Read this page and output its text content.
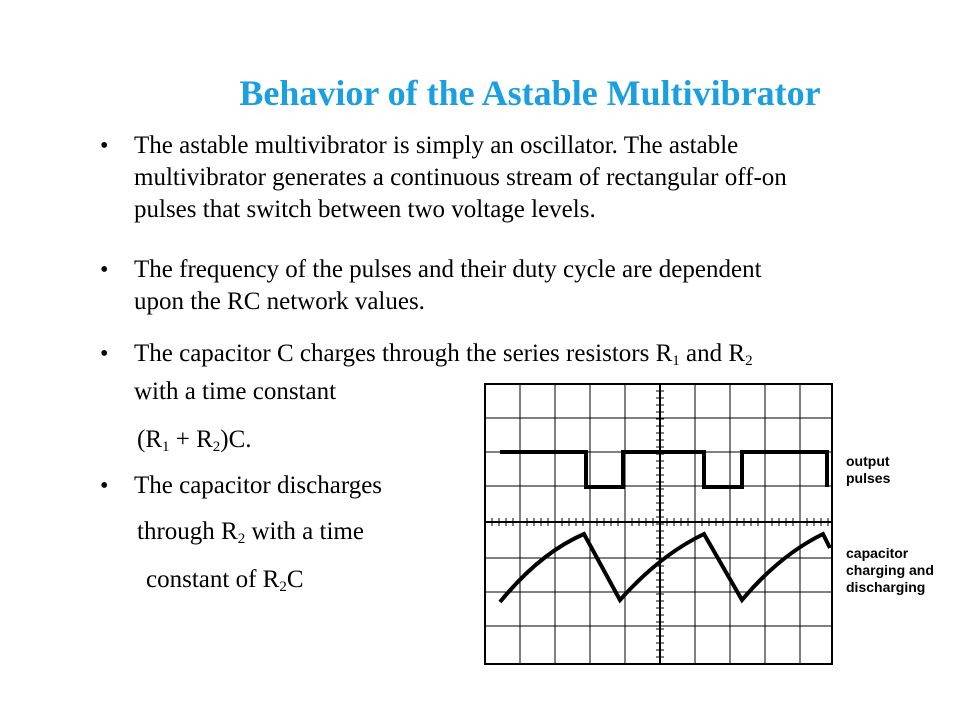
Behavior of the Astable Multivibrator
• The astable multivibrator is simply an oscillator. The astable
multivibrator generates a continuous stream of rectangular off-on
pulses that switch between two voltage levels.
• The frequency of the pulses and their duty cycle are dependent
upon the RC network values.
• The capacitor C charges through the series resistors $R_1$ and $R_2$
with a time constant
$(R_1 + R_2)C$.
• The capacitor discharges
through $R_2$ with a time
constant of $R_2C$
output
pulses
capacitor
charging and
discharging
